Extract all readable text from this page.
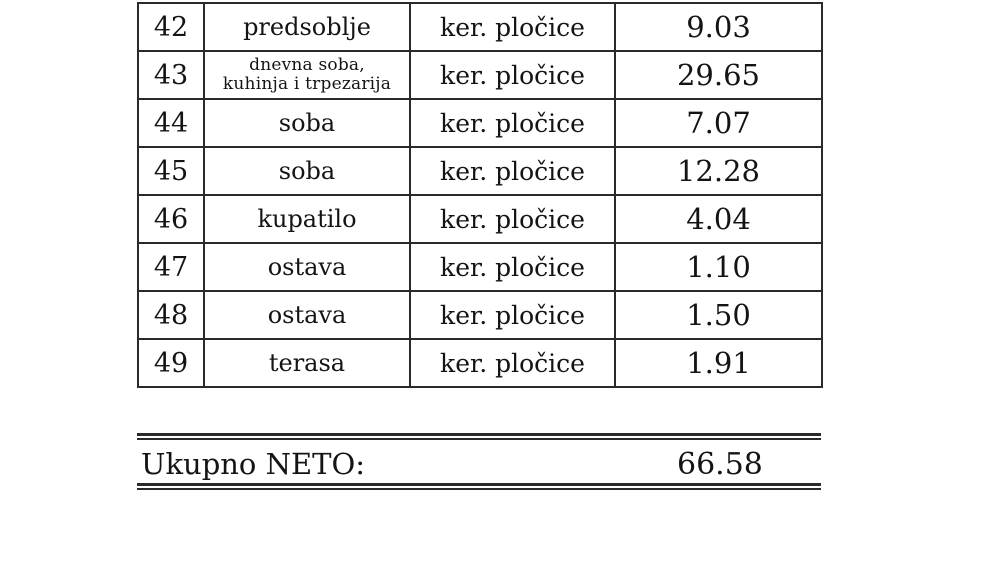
42	predsoblje	ker. pločice	9.03
43	dnevna soba,
kuhinja i trpezarija	ker. pločice	29.65
44	soba	ker. pločice	7.07
45	soba	ker. pločice	12.28
46	kupatilo	ker. pločice	4.04
47	ostava	ker. pločice	1.10
48	ostava	ker. pločice	1.50
49	terasa	ker. pločice	1.91
Ukupno NETO:	66.58
